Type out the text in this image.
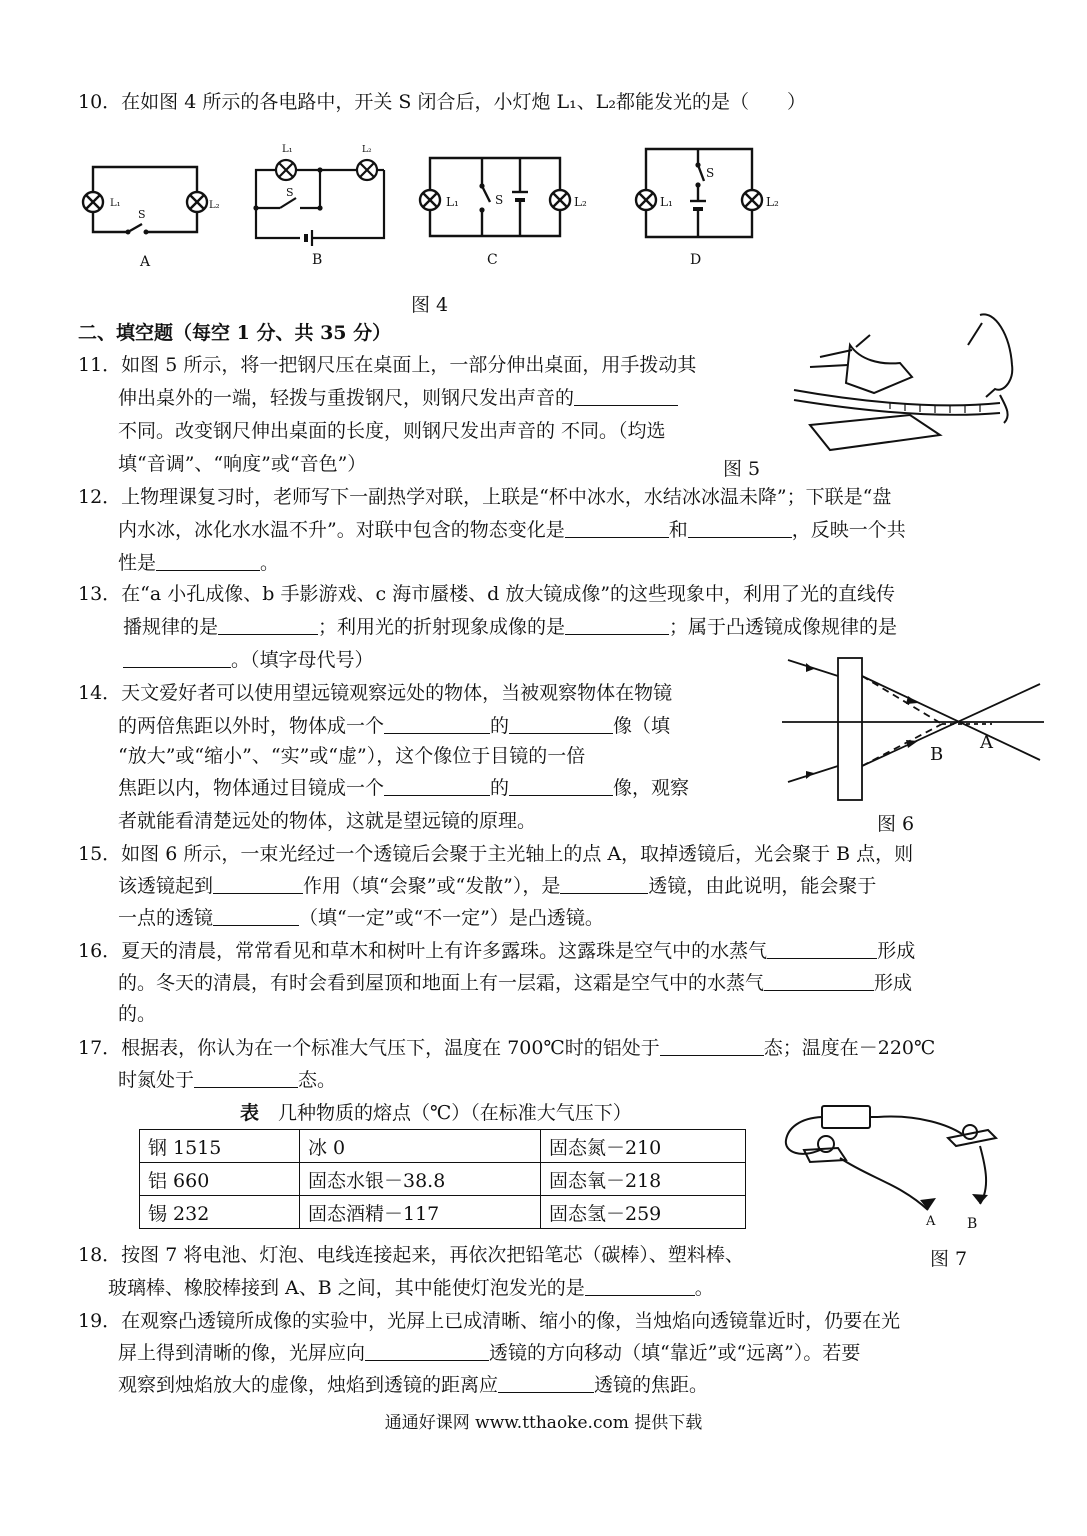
10．在如图 4 所示的各电路中，开关 S 闭合后，小灯炮 L₁、L₂都能发光的是（　　）
L₁	L₂
S
A
L₁	L₂
S
B
L₁	S	L₂
C
L₁
S
L₂
D
图 4
二、填空题（每空 1 分、共 35 分）
11．如图 5 所示，将一把钢尺压在桌面上，一部分伸出桌面，用手拨动其
伸出桌外的一端，轻拨与重拨钢尺，则钢尺发出声音的
不同。改变钢尺伸出桌面的长度，则钢尺发出声音的 不同。（均选
填“音调”、“响度”或“音色”）	图 5
12．上物理课复习时，老师写下一副热学对联，上联是“杯中冰水，水结冰冰温未降”；下联是“盘
内水冰，冰化水水温不升”。对联中包含的物态变化是	和	，反映一个共
性是	。
13．在“a 小孔成像、b 手影游戏、c 海市蜃楼、d 放大镜成像”的这些现象中，利用了光的直线传
播规律的是	；利用光的折射现象成像的是	；属于凸透镜成像规律的是
。（填字母代号）
14．天文爱好者可以使用望远镜观察远处的物体，当被观察物体在物镜
的两倍焦距以外时，物体成一个	的	像（填
“放大”或“缩小”、“实”或“虚”），这个像位于目镜的一倍
焦距以内，物体通过目镜成一个	的	像，观察
者就能看清楚远处的物体，这就是望远镜的原理。
B
A
图 6
15．如图 6 所示，一束光经过一个透镜后会聚于主光轴上的点 A，取掉透镜后，光会聚于 B 点，则
该透镜起到	作用（填“会聚”或“发散”），是	透镜，由此说明，能会聚于
一点的透镜	（填“一定”或“不一定”）是凸透镜。
16．夏天的清晨，常常看见和草木和树叶上有许多露珠。这露珠是空气中的水蒸气	形成
的。冬天的清晨，有时会看到屋顶和地面上有一层霜，这霜是空气中的水蒸气	形成
的。
17．根据表，你认为在一个标准大气压下，温度在 700℃时的铝处于	态；温度在－220℃
时氮处于	态。
表　 几种物质的熔点（℃）（在标准大气压下）
钢 1515	冰 0	固态氮－210
铝 660	固态水银－38.8	固态氧－218
锡 232	固态酒精－117	固态氢－259	A B
图 7
18．按图 7 将电池、灯泡、电线连接起来，再依次把铅笔芯（碳棒）、塑料棒、
玻璃棒、橡胶棒接到 A、B 之间，其中能使灯泡发光的是	。
19．在观察凸透镜所成像的实验中，光屏上已成清晰、缩小的像，当烛焰向透镜靠近时，仍要在光
屏上得到清晰的像，光屏应向	透镜的方向移动（填“靠近”或“远离”）。若要
观察到烛焰放大的虚像，烛焰到透镜的距离应	透镜的焦距。
通通好课网 www.tthaoke.com 提供下载
